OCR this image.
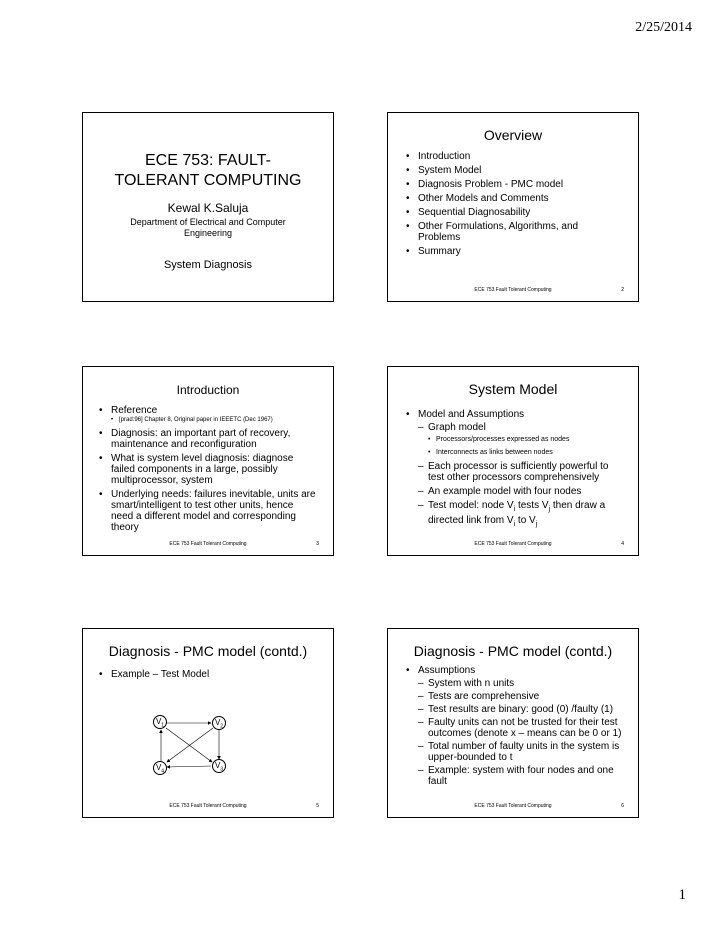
2/25/2014
ECE 753: FAULT-TOLERANT COMPUTING
Kewal K.Saluja
Department of Electrical and Computer Engineering
System Diagnosis
Overview
• Introduction
• System Model
• Diagnosis Problem - PMC model
• Other Models and Comments
• Sequential Diagnosability
• Other Formulations, Algorithms, and Problems
• Summary
ECE 753 Fault Tolerant Computing	2
Introduction
• Reference
• [prad:96] Chapter 8, Original paper in IEEETC (Dec 1967)
• Diagnosis: an important part of recovery, maintenance and reconfiguration
• What is system level diagnosis: diagnose failed components in a large, possibly multiprocessor, system
• Underlying needs: failures inevitable, units are smart/intelligent to test other units, hence need a different model and corresponding theory
ECE 753 Fault Tolerant Computing	3
System Model
• Model and Assumptions
– Graph model
• Processors/processes expressed as nodes
• Interconnects as links between nodes
– Each processor is sufficiently powerful to test other processors comprehensively
– An example model with four nodes
– Test model: node $V_i$ tests $V_j$ then draw a directed link from $V_i$ to $V_j$
ECE 753 Fault Tolerant Computing	4
Diagnosis - PMC model (contd.)
• Example – Test Model
$V_1$	$V_2$
$V_3$
$V_4$
ECE 753 Fault Tolerant Computing	5
Diagnosis - PMC model (contd.)
• Assumptions
– System with n units
– Tests are comprehensive
– Test results are binary: good (0) /faulty (1)
– Faulty units can not be trusted for their test outcomes (denote x – means can be 0 or 1)
– Total number of faulty units in the system is upper-bounded to t
– Example: system with four nodes and one fault
ECE 753 Fault Tolerant Computing	6
1
